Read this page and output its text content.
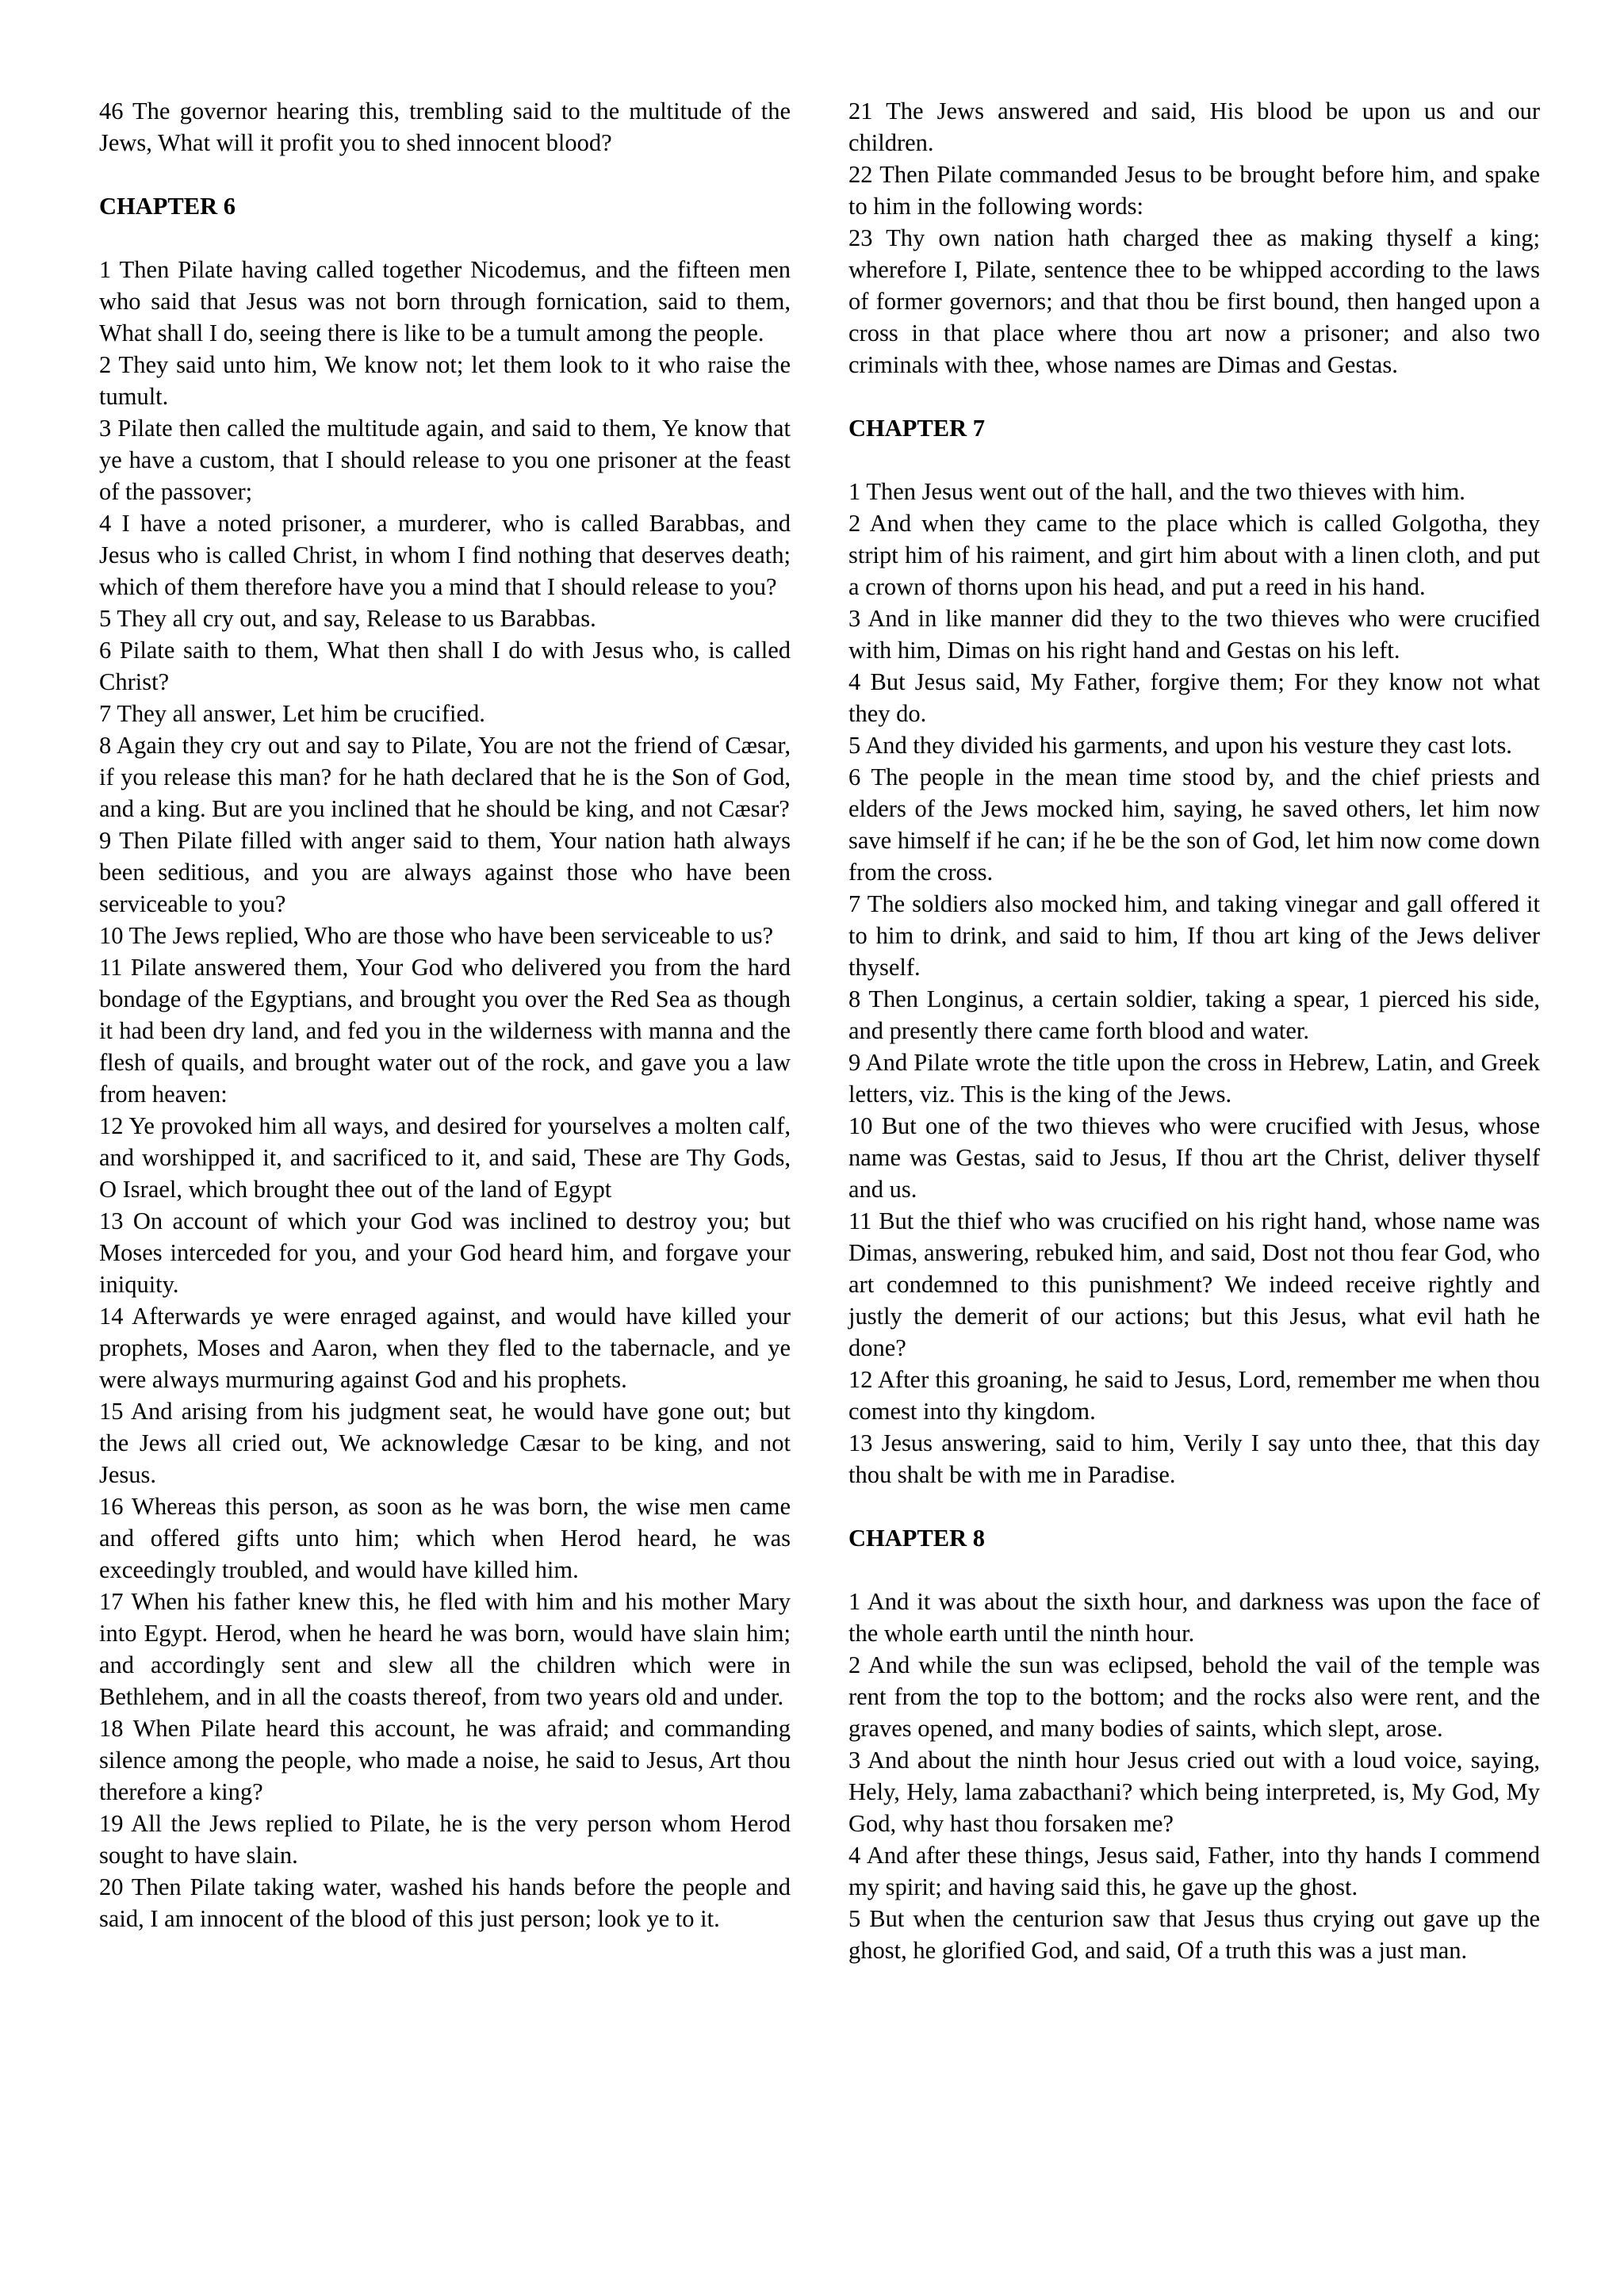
46 The governor hearing this, trembling said to the multitude of the Jews, What will it profit you to shed innocent blood?

CHAPTER 6

1 Then Pilate having called together Nicodemus, and the fifteen men who said that Jesus was not born through fornication, said to them, What shall I do, seeing there is like to be a tumult among the people.

2 They said unto him, We know not; let them look to it who raise the tumult.

3 Pilate then called the multitude again, and said to them, Ye know that ye have a custom, that I should release to you one prisoner at the feast of the passover;

4 I have a noted prisoner, a murderer, who is called Barabbas, and Jesus who is called Christ, in whom I find nothing that deserves death; which of them therefore have you a mind that I should release to you?

5 They all cry out, and say, Release to us Barabbas.

6 Pilate saith to them, What then shall I do with Jesus who, is called Christ?

7 They all answer, Let him be crucified.

8 Again they cry out and say to Pilate, You are not the friend of Cæsar, if you release this man? for he hath declared that he is the Son of God, and a king. But are you inclined that he should be king, and not Cæsar?

9 Then Pilate filled with anger said to them, Your nation hath always been seditious, and you are always against those who have been serviceable to you?

10 The Jews replied, Who are those who have been serviceable to us?

11 Pilate answered them, Your God who delivered you from the hard bondage of the Egyptians, and brought you over the Red Sea as though it had been dry land, and fed you in the wilderness with manna and the flesh of quails, and brought water out of the rock, and gave you a law from heaven:

12 Ye provoked him all ways, and desired for yourselves a molten calf, and worshipped it, and sacrificed to it, and said, These are Thy Gods, O Israel, which brought thee out of the land of Egypt

13 On account of which your God was inclined to destroy you; but Moses interceded for you, and your God heard him, and forgave your iniquity.

14 Afterwards ye were enraged against, and would have killed your prophets, Moses and Aaron, when they fled to the tabernacle, and ye were always murmuring against God and his prophets.

15 And arising from his judgment seat, he would have gone out; but the Jews all cried out, We acknowledge Cæsar to be king, and not Jesus.

16 Whereas this person, as soon as he was born, the wise men came and offered gifts unto him; which when Herod heard, he was exceedingly troubled, and would have killed him.

17 When his father knew this, he fled with him and his mother Mary into Egypt. Herod, when he heard he was born, would have slain him; and accordingly sent and slew all the children which were in Bethlehem, and in all the coasts thereof, from two years old and under.

18 When Pilate heard this account, he was afraid; and commanding silence among the people, who made a noise, he said to Jesus, Art thou therefore a king?

19 All the Jews replied to Pilate, he is the very person whom Herod sought to have slain.

20 Then Pilate taking water, washed his hands before the people and said, I am innocent of the blood of this just person; look ye to it.

21 The Jews answered and said, His blood be upon us and our children.

22 Then Pilate commanded Jesus to be brought before him, and spake to him in the following words:

23 Thy own nation hath charged thee as making thyself a king; wherefore I, Pilate, sentence thee to be whipped according to the laws of former governors; and that thou be first bound, then hanged upon a cross in that place where thou art now a prisoner; and also two criminals with thee, whose names are Dimas and Gestas.

CHAPTER 7

1 Then Jesus went out of the hall, and the two thieves with him.

2 And when they came to the place which is called Golgotha, they stript him of his raiment, and girt him about with a linen cloth, and put a crown of thorns upon his head, and put a reed in his hand.

3 And in like manner did they to the two thieves who were crucified with him, Dimas on his right hand and Gestas on his left.

4 But Jesus said, My Father, forgive them; For they know not what they do.

5 And they divided his garments, and upon his vesture they cast lots.

6 The people in the mean time stood by, and the chief priests and elders of the Jews mocked him, saying, he saved others, let him now save himself if he can; if he be the son of God, let him now come down from the cross.

7 The soldiers also mocked him, and taking vinegar and gall offered it to him to drink, and said to him, If thou art king of the Jews deliver thyself.

8 Then Longinus, a certain soldier, taking a spear, 1 pierced his side, and presently there came forth blood and water.

9 And Pilate wrote the title upon the cross in Hebrew, Latin, and Greek letters, viz. This is the king of the Jews.

10 But one of the two thieves who were crucified with Jesus, whose name was Gestas, said to Jesus, If thou art the Christ, deliver thyself and us.

11 But the thief who was crucified on his right hand, whose name was Dimas, answering, rebuked him, and said, Dost not thou fear God, who art condemned to this punishment? We indeed receive rightly and justly the demerit of our actions; but this Jesus, what evil hath he done?

12 After this groaning, he said to Jesus, Lord, remember me when thou comest into thy kingdom.

13 Jesus answering, said to him, Verily I say unto thee, that this day thou shalt be with me in Paradise.

CHAPTER 8

1 And it was about the sixth hour, and darkness was upon the face of the whole earth until the ninth hour.

2 And while the sun was eclipsed, behold the vail of the temple was rent from the top to the bottom; and the rocks also were rent, and the graves opened, and many bodies of saints, which slept, arose.

3 And about the ninth hour Jesus cried out with a loud voice, saying, Hely, Hely, lama zabacthani? which being interpreted, is, My God, My God, why hast thou forsaken me?

4 And after these things, Jesus said, Father, into thy hands I commend my spirit; and having said this, he gave up the ghost.

5 But when the centurion saw that Jesus thus crying out gave up the ghost, he glorified God, and said, Of a truth this was a just man.
